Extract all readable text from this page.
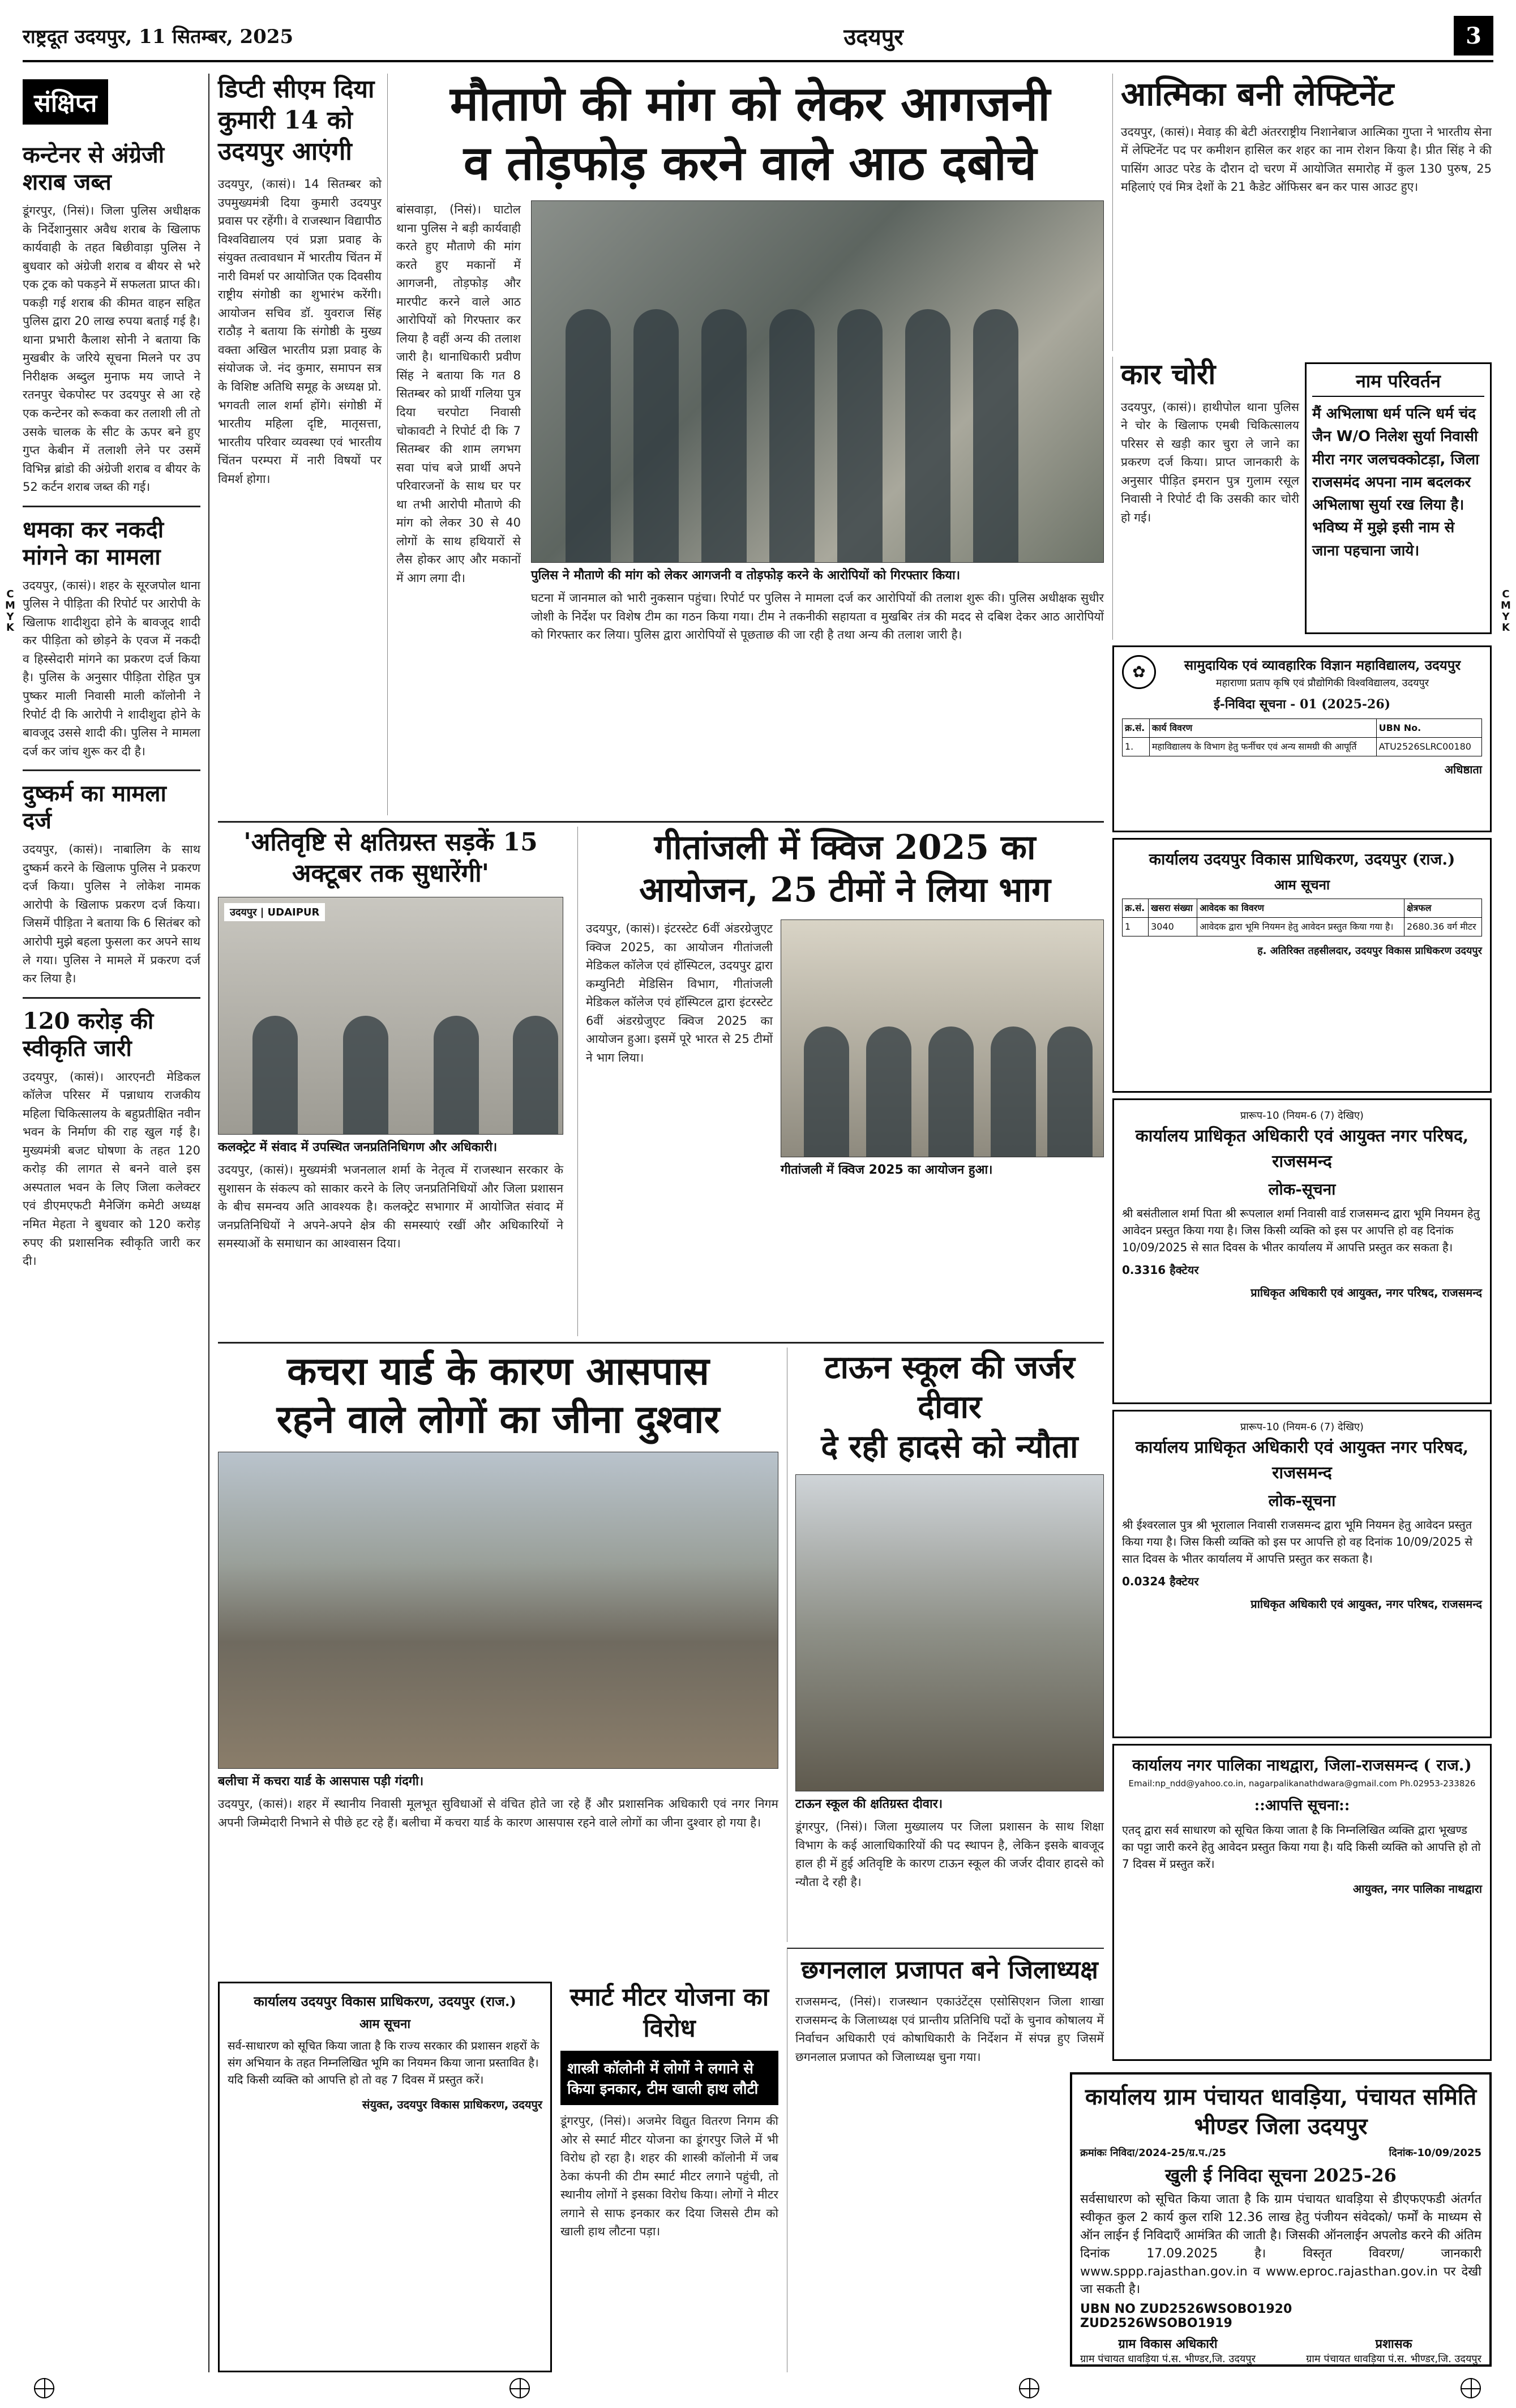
राष्ट्रदूत उदयपुर, 11 सितम्बर, 2025	उदयपुर	3
C
M
Y
K
C
M
Y
K
संक्षिप्त
कन्टेनर से अंग्रेजी शराब जब्त

डूंगरपुर, (निसं)। जिला पुलिस अधीक्षक के निर्देशानुसार अवैध शराब के खिलाफ कार्यवाही के तहत बिछीवाड़ा पुलिस ने बुधवार को अंग्रेजी शराब व बीयर से भरे एक ट्रक को पकड़ने में सफलता प्राप्त की। पकड़ी गई शराब की कीमत वाहन सहित पुलिस द्वारा 20 लाख रुपया बताई गई है। थाना प्रभारी कैलाश सोनी ने बताया कि मुखबीर के जरिये सूचना मिलने पर उप निरीक्षक अब्दुल मुनाफ मय जाप्ते ने रतनपुर चेकपोस्ट पर उदयपुर से आ रहे एक कन्टेनर को रूकवा कर तलाशी ली तो उसके चालक के सीट के ऊपर बने हुए गुप्त केबीन में तलाशी लेने पर उसमें विभिन्न ब्रांडो की अंग्रेजी शराब व बीयर के 52 कर्टन शराब जब्त की गई।

धमका कर नकदी मांगने का मामला

उदयपुर, (कासं)। शहर के सूरजपोल थाना पुलिस ने पीड़िता की रिपोर्ट पर आरोपी के खिलाफ शादीशुदा होने के बावजूद शादी कर पीड़िता को छोड़ने के एवज में नकदी व हिस्सेदारी मांगने का प्रकरण दर्ज किया है। पुलिस के अनुसार पीड़िता रोहित पुत्र पुष्कर माली निवासी माली कॉलोनी ने रिपोर्ट दी कि आरोपी ने शादीशुदा होने के बावजूद उससे शादी की। पुलिस ने मामला दर्ज कर जांच शुरू कर दी है।

दुष्कर्म का मामला दर्ज

उदयपुर, (कासं)। नाबालिग के साथ दुष्कर्म करने के खिलाफ पुलिस ने प्रकरण दर्ज किया। पुलिस ने लोकेश नामक आरोपी के खिलाफ प्रकरण दर्ज किया। जिसमें पीड़िता ने बताया कि 6 सितंबर को आरोपी मुझे बहला फुसला कर अपने साथ ले गया। पुलिस ने मामले में प्रकरण दर्ज कर लिया है।

120 करोड़ की स्वीकृति जारी

उदयपुर, (कासं)। आरएनटी मेडिकल कॉलेज परिसर में पन्नाधाय राजकीय महिला चिकित्सालय के बहुप्रतीक्षित नवीन भवन के निर्माण की राह खुल गई है। मुख्यमंत्री बजट घोषणा के तहत 120 करोड़ की लागत से बनने वाले इस अस्पताल भवन के लिए जिला कलेक्टर एवं डीएमएफटी मैनेजिंग कमेटी अध्यक्ष नमित मेहता ने बुधवार को 120 करोड़ रुपए की प्रशासनिक स्वीकृति जारी कर दी।

डिप्टी सीएम दिया कुमारी 14 को उदयपुर आएंगी

उदयपुर, (कासं)। 14 सितम्बर को उपमुख्यमंत्री दिया कुमारी उदयपुर प्रवास पर रहेंगी। वे राजस्थान विद्यापीठ विश्वविद्यालय एवं प्रज्ञा प्रवाह के संयुक्त तत्वावधान में भारतीय चिंतन में नारी विमर्श पर आयोजित एक दिवसीय राष्ट्रीय संगोष्ठी का शुभारंभ करेंगी। आयोजन सचिव डॉ. युवराज सिंह राठौड़ ने बताया कि संगोष्ठी के मुख्य वक्ता अखिल भारतीय प्रज्ञा प्रवाह के संयोजक जे. नंद कुमार, समापन सत्र के विशिष्ट अतिथि समूह के अध्यक्ष प्रो. भगवती लाल शर्मा होंगे। संगोष्ठी में भारतीय महिला दृष्टि, मातृसत्ता, भारतीय परिवार व्यवस्था एवं भारतीय चिंतन परम्परा में नारी विषयों पर विमर्श होगा।

मौताणे की मांग को लेकर आगजनी
व तोड़फोड़ करने वाले आठ दबोचे

बांसवाड़ा, (निसं)। घाटोल थाना पुलिस ने बड़ी कार्यवाही करते हुए मौताणे की मांग करते हुए मकानों में आगजनी, तोड़फोड़ और मारपीट करने वाले आठ आरोपियों को गिरफ्तार कर लिया है वहीं अन्य की तलाश जारी है। थानाधिकारी प्रवीण सिंह ने बताया कि गत 8 सितम्बर को प्रार्थी गलिया पुत्र दिया चरपोटा निवासी चोकावटी ने रिपोर्ट दी कि 7 सितम्बर की शाम लगभग सवा पांच बजे प्रार्थी अपने परिवारजनों के साथ घर पर था तभी आरोपी मौताणे की मांग को लेकर 30 से 40 लोगों के साथ हथियारों से लैस होकर आए और मकानों में आग लगा दी।	पुलिस ने मौताणे की मांग को लेकर आगजनी व तोड़फोड़ करने के आरोपियों को गिरफ्तार किया।

घटना में जानमाल को भारी नुकसान पहुंचा। रिपोर्ट पर पुलिस ने मामला दर्ज कर आरोपियों की तलाश शुरू की। पुलिस अधीक्षक सुधीर जोशी के निर्देश पर विशेष टीम का गठन किया गया। टीम ने तकनीकी सहायता व मुखबिर तंत्र की मदद से दबिश देकर आठ आरोपियों को गिरफ्तार कर लिया। पुलिस द्वारा आरोपियों से पूछताछ की जा रही है तथा अन्य की तलाश जारी है।

आत्मिका बनी लेफ्टिनेंट

उदयपुर, (कासं)। मेवाड़ की बेटी अंतरराष्ट्रीय निशानेबाज आत्मिका गुप्ता ने भारतीय सेना में लेफ्टिनेंट पद पर कमीशन हासिल कर शहर का नाम रोशन किया है। प्रीत सिंह ने की पासिंग आउट परेड के दौरान दो चरण में आयोजित समारोह में कुल 130 पुरुष, 25 महिलाएं एवं मित्र देशों के 21 कैडेट ऑफिसर बन कर पास आउट हुए।

कार चोरी

उदयपुर, (कासं)। हाथीपोल थाना पुलिस ने चोर के खिलाफ एमबी चिकित्सालय परिसर से खड़ी कार चुरा ले जाने का प्रकरण दर्ज किया। प्राप्त जानकारी के अनुसार पीड़ित इमरान पुत्र गुलाम रसूल निवासी ने रिपोर्ट दी कि उसकी कार चोरी हो गई।

नाम परिवर्तन

मैं अभिलाषा धर्म पत्नि धर्म चंद जैन W/O निलेश सुर्या निवासी मीरा नगर जलचक्कोटड़ा, जिला राजसमंद अपना नाम बदलकर अभिलाषा सुर्या रख लिया है। भविष्य में मुझे इसी नाम से जाना पहचाना जाये।

✿	सामुदायिक एवं व्यावहारिक विज्ञान महाविद्यालय, उदयपुर
महाराणा प्रताप कृषि एवं प्रौद्योगिकी विश्वविद्यालय, उदयपुर
ई-निविदा सूचना - 01 (2025-26)
क्र.सं.	कार्य विवरण	UBN No.
1.	महाविद्यालय के विभाग हेतु फर्नीचर एवं अन्य सामग्री की आपूर्ति	ATU2526SLRC00180
अधिष्ठाता
कार्यालय उदयपुर विकास प्राधिकरण, उदयपुर (राज.)
आम सूचना
क्र.सं.	खसरा संख्या	आवेदक का विवरण	क्षेत्रफल
1	3040	आवेदक द्वारा भूमि नियमन हेतु आवेदन प्रस्तुत किया गया है।	2680.36 वर्ग मीटर
ह. अतिरिक्त तहसीलदार, उदयपुर विकास प्राधिकरण उदयपुर
प्रारूप-10 (नियम-6 (7) देखिए)
कार्यालय प्राधिकृत अधिकारी एवं आयुक्त नगर परिषद, राजसमन्द
लोक-सूचना

श्री बसंतीलाल शर्मा पिता श्री रूपलाल शर्मा निवासी वार्ड राजसमन्द द्वारा भूमि नियमन हेतु आवेदन प्रस्तुत किया गया है। जिस किसी व्यक्ति को इस पर आपत्ति हो वह दिनांक 10/09/2025 से सात दिवस के भीतर कार्यालय में आपत्ति प्रस्तुत कर सकता है।

0.3316 हैक्टेयर
प्राधिकृत अधिकारी एवं आयुक्त, नगर परिषद, राजसमन्द
प्रारूप-10 (नियम-6 (7) देखिए)
कार्यालय प्राधिकृत अधिकारी एवं आयुक्त नगर परिषद, राजसमन्द
लोक-सूचना

श्री ईश्वरलाल पुत्र श्री भूरालाल निवासी राजसमन्द द्वारा भूमि नियमन हेतु आवेदन प्रस्तुत किया गया है। जिस किसी व्यक्ति को इस पर आपत्ति हो वह दिनांक 10/09/2025 से सात दिवस के भीतर कार्यालय में आपत्ति प्रस्तुत कर सकता है।

0.0324 हैक्टेयर
प्राधिकृत अधिकारी एवं आयुक्त, नगर परिषद, राजसमन्द
कार्यालय नगर पालिका नाथद्वारा, जिला-राजसमन्द ( राज.)
Email:np_ndd@yahoo.co.in, nagarpalikanathdwara@gmail.com Ph.02953-233826
::आपत्ति सूचना::

एतद् द्वारा सर्व साधारण को सूचित किया जाता है कि निम्नलिखित व्यक्ति द्वारा भूखण्ड का पट्टा जारी करने हेतु आवेदन प्रस्तुत किया गया है। यदि किसी व्यक्ति को आपत्ति हो तो 7 दिवस में प्रस्तुत करें।

आयुक्त, नगर पालिका नाथद्वारा
कार्यालय ग्राम पंचायत धावड़िया, पंचायत समिति भीण्डर जिला उदयपुर
क्रमांकः निविदा/2024-25/ग्र.प./25	दिनांक-10/09/2025
खुली ई निविदा सूचना 2025-26

सर्वसाधारण को सूचित किया जाता है कि ग्राम पंचायत धावड़िया से डीएफएफडी अंतर्गत स्वीकृत कुल 2 कार्य कुल राशि 12.36 लाख हेतु पंजीयन संवेदको/ फर्मों के माध्यम से ऑन लाईन ई निविदाएँ आमंत्रित की जाती है। जिसकी ऑनलाईन अपलोड करने की अंतिम दिनांक 17.09.2025 है। विस्तृत विवरण/ जानकारी www.sppp.rajasthan.gov.in व www.eproc.rajasthan.gov.in पर देखी जा सकती है।

UBN NO ZUD2526WSOBO1920
ZUD2526WSOBO1919
ग्राम विकास अधिकारी
ग्राम पंचायत धावड़िया पं.स. भीण्डर,जि. उदयपुर
प्रशासक
ग्राम पंचायत धावड़िया पं.स. भीण्डर,जि. उदयपुर
'अतिवृष्टि से क्षतिग्रस्त सड़कें 15 अक्टूबर तक सुधारेंगी'
उदयपुर | UDAIPUR
कलक्ट्रेट में संवाद में उपस्थित जनप्रतिनिधिगण और अधिकारी।

उदयपुर, (कासं)। मुख्यमंत्री भजनलाल शर्मा के नेतृत्व में राजस्थान सरकार के सुशासन के संकल्प को साकार करने के लिए जनप्रतिनिधियों और जिला प्रशासन के बीच समन्वय अति आवश्यक है। कलक्ट्रेट सभागार में आयोजित संवाद में जनप्रतिनिधियों ने अपने-अपने क्षेत्र की समस्याएं रखीं और अधिकारियों ने समस्याओं के समाधान का आश्वासन दिया।

गीतांजली में क्विज 2025 का
आयोजन, 25 टीमों ने लिया भाग

उदयपुर, (कासं)। इंटरस्टेट 6वीं अंडरग्रेजुएट क्विज 2025, का आयोजन गीतांजली मेडिकल कॉलेज एवं हॉस्पिटल, उदयपुर द्वारा कम्युनिटी मेडिसिन विभाग, गीतांजली मेडिकल कॉलेज एवं हॉस्पिटल द्वारा इंटरस्टेट 6वीं अंडरग्रेजुएट क्विज 2025 का आयोजन हुआ। इसमें पूरे भारत से 25 टीमों ने भाग लिया।

गीतांजली में क्विज 2025 का आयोजन हुआ।
कचरा यार्ड के कारण आसपास
रहने वाले लोगों का जीना दुश्वार
बलीचा में कचरा यार्ड के आसपास पड़ी गंदगी।

उदयपुर, (कासं)। शहर में स्थानीय निवासी मूलभूत सुविधाओं से वंचित होते जा रहे हैं और प्रशासनिक अधिकारी एवं नगर निगम अपनी जिम्मेदारी निभाने से पीछे हट रहे हैं। बलीचा में कचरा यार्ड के कारण आसपास रहने वाले लोगों का जीना दुश्वार हो गया है।

टाऊन स्कूल की जर्जर दीवार
दे रही हादसे को न्यौता
टाऊन स्कूल की क्षतिग्रस्त दीवार।

डूंगरपुर, (निसं)। जिला मुख्यालय पर जिला प्रशासन के साथ शिक्षा विभाग के कई आलाधिकारियों की पद स्थापन है, लेकिन इसके बावजूद हाल ही में हुई अतिवृष्टि के कारण टाऊन स्कूल की जर्जर दीवार हादसे को न्यौता दे रही है।

छगनलाल प्रजापत बने जिलाध्यक्ष

राजसमन्द, (निसं)। राजस्थान एकाउंटेंट्स एसोसिएशन जिला शाखा राजसमन्द के जिलाध्यक्ष एवं प्रान्तीय प्रतिनिधि पदों के चुनाव कोषालय में निर्वाचन अधिकारी एवं कोषाधिकारी के निर्देशन में संपन्न हुए जिसमें छगनलाल प्रजापत को जिलाध्यक्ष चुना गया।

कार्यालय उदयपुर विकास प्राधिकरण, उदयपुर (राज.)
आम सूचना

सर्व-साधारण को सूचित किया जाता है कि राज्य सरकार की प्रशासन शहरों के संग अभियान के तहत निम्नलिखित भूमि का नियमन किया जाना प्रस्तावित है। यदि किसी व्यक्ति को आपत्ति हो तो वह 7 दिवस में प्रस्तुत करें।

संयुक्त, उदयपुर विकास प्राधिकरण, उदयपुर
स्मार्ट मीटर योजना का विरोध
शास्त्री कॉलोनी में लोगों ने लगाने से किया इनकार, टीम खाली हाथ लौटी

डूंगरपुर, (निसं)। अजमेर विद्युत वितरण निगम की ओर से स्मार्ट मीटर योजना का डूंगरपुर जिले में भी विरोध हो रहा है। शहर की शास्त्री कॉलोनी में जब ठेका कंपनी की टीम स्मार्ट मीटर लगाने पहुंची, तो स्थानीय लोगों ने इसका विरोध किया। लोगों ने मीटर लगाने से साफ इनकार कर दिया जिससे टीम को खाली हाथ लौटना पड़ा।
